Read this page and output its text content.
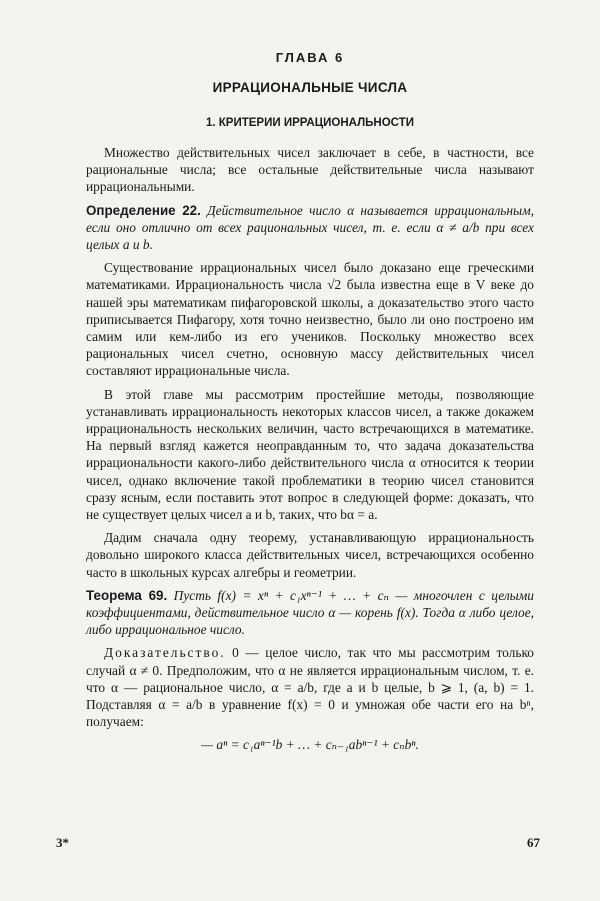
ГЛАВА 6
ИРРАЦИОНАЛЬНЫЕ ЧИСЛА
1. КРИТЕРИИ ИРРАЦИОНАЛЬНОСТИ

Множество действительных чисел заключает в себе, в частности, все рациональные числа; все остальные действительные числа называют иррациональными.

Определение 22. Действительное число α называется иррациональным, если оно отлично от всех рациональных чисел, т. е. если α ≠ a/b при всех целых a и b.

Существование иррациональных чисел было доказано еще греческими математиками. Иррациональность числа √2 была известна еще в V веке до нашей эры математикам пифагоровской школы, а доказательство этого часто приписывается Пифагору, хотя точно неизвестно, было ли оно построено им самим или кем-либо из его учеников. Поскольку множество всех рациональных чисел счетно, основную массу действительных чисел составляют иррациональные числа.

В этой главе мы рассмотрим простейшие методы, позволяющие устанавливать иррациональность некоторых классов чисел, а также докажем иррациональность нескольких величин, часто встречающихся в математике. На первый взгляд кажется неоправданным то, что задача доказательства иррациональности какого-либо действительного числа α относится к теории чисел, однако включение такой проблематики в теорию чисел становится сразу ясным, если поставить этот вопрос в следующей форме: доказать, что не существует целых чисел a и b, таких, что bα = a.

Дадим сначала одну теорему, устанавливающую иррациональность довольно широкого класса действительных чисел, встречающихся особенно часто в школьных курсах алгебры и геометрии.

Теорема 69. Пусть f(x) = xⁿ + c₁xⁿ⁻¹ + … + cₙ — многочлен с целыми коэффициентами, действительное число α — корень f(x). Тогда α либо целое, либо иррациональное число.

Доказательство. 0 — целое число, так что мы рассмотрим только случай α ≠ 0. Предположим, что α не является иррациональным числом, т. е. что α — рациональное число, α = a/b, где a и b целые, b ⩾ 1, (a, b) = 1. Подставляя α = a/b в уравнение f(x) = 0 и умножая обе части его на bⁿ, получаем:

— aⁿ = c₁aⁿ⁻¹b + … + cₙ₋₁abⁿ⁻¹ + cₙbⁿ.
3*	67
